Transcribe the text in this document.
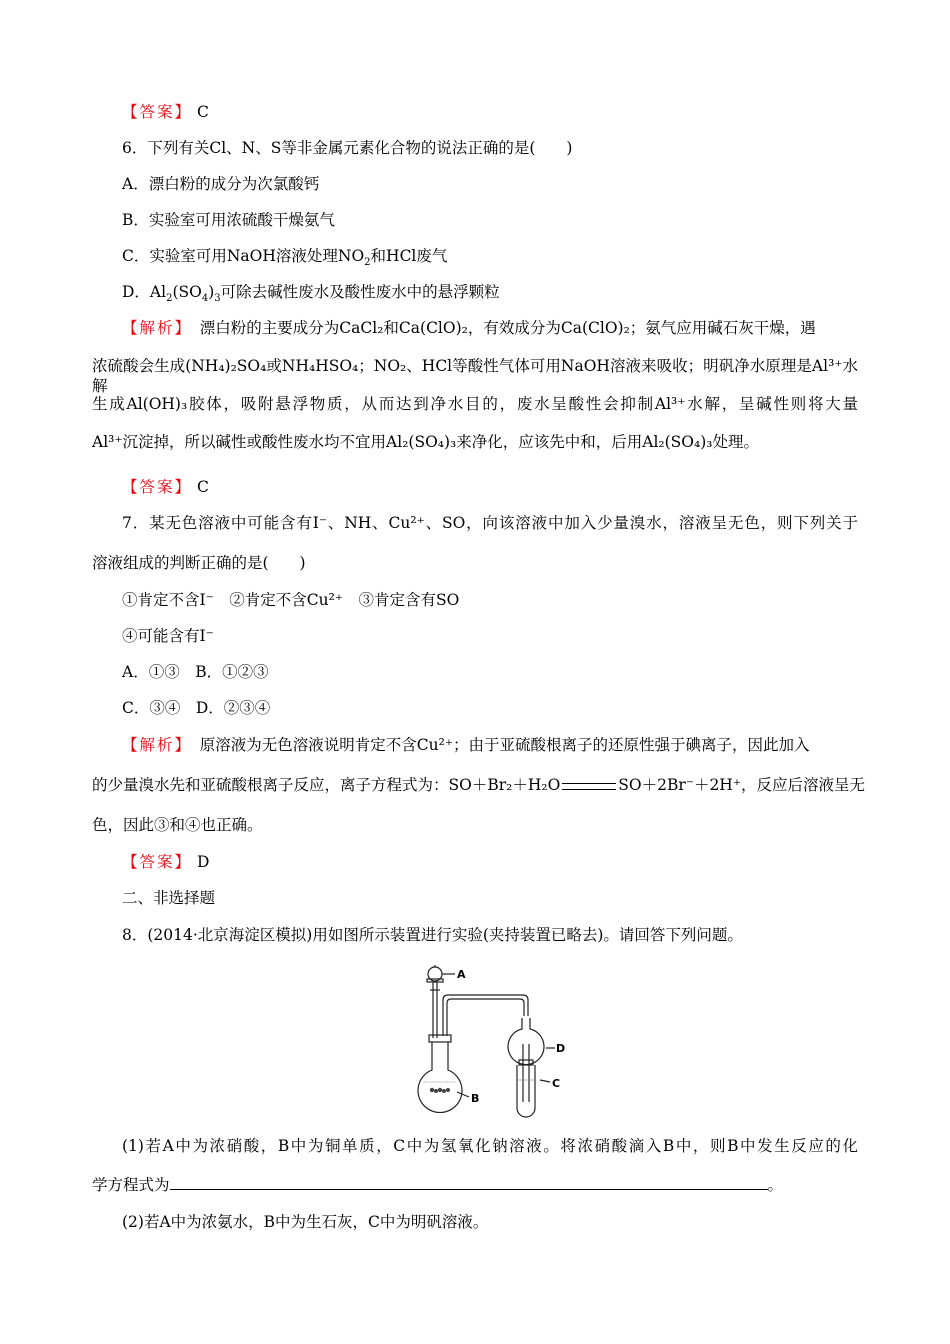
【 答案 】 C
6．下列有关Cl、N、S等非金属元素化合物的说法正确的是(　　)
A．漂白粉的成分为次氯酸钙
B．实验室可用浓硫酸干燥氨气
C．实验室可用NaOH溶液处理$NO_2$和HCl废气
D．$Al_2(SO_4)_3$可除去碱性废水及酸性废水中的悬浮颗粒
【 解析 】　漂白粉的主要成分为CaCl₂和Ca(ClO)₂，有效成分为Ca(ClO)₂；氨气应用碱石灰干燥，遇
浓硫酸会生成(NH₄)₂SO₄或NH₄HSO₄；NO₂、HCl等酸性气体可用NaOH溶液来吸收；明矾净水原理是Al³⁺水解
生成Al(OH)₃胶体，吸附悬浮物质，从而达到净水目的，废水呈酸性会抑制Al³⁺水解，呈碱性则将大量
Al³⁺沉淀掉，所以碱性或酸性废水均不宜用Al₂(SO₄)₃来净化，应该先中和，后用Al₂(SO₄)₃处理。
【 答案 】 C
7．某无色溶液中可能含有I⁻、NH、Cu²⁺、SO，向该溶液中加入少量溴水，溶液呈无色，则下列关于
溶液组成的判断正确的是(　　)
①肯定不含I⁻　②肯定不含Cu²⁺　③肯定含有SO
④可能含有I⁻
A．①③　B．①②③
C．③④　D．②③④
【 解析 】　原溶液为无色溶液说明肯定不含Cu²⁺；由于亚硫酸根离子的还原性强于碘离子，因此加入
的少量溴水先和亚硫酸根离子反应，离子方程式为：SO＋Br₂＋H₂O	SO＋2Br⁻＋2H⁺，反应后溶液呈无
色，因此③和④也正确。
【 答案 】 D
二、非选择题
8．(2014·北京海淀区模拟)用如图所示装置进行实验(夹持装置已略去)。请回答下列问题。
A
B
C
D
(1)若A中为浓硝酸，B中为铜单质，C中为氢氧化钠溶液。将浓硝酸滴入B中，则B中发生反应的化
学方程式为	。
(2)若A中为浓氨水，B中为生石灰，C中为明矾溶液。
